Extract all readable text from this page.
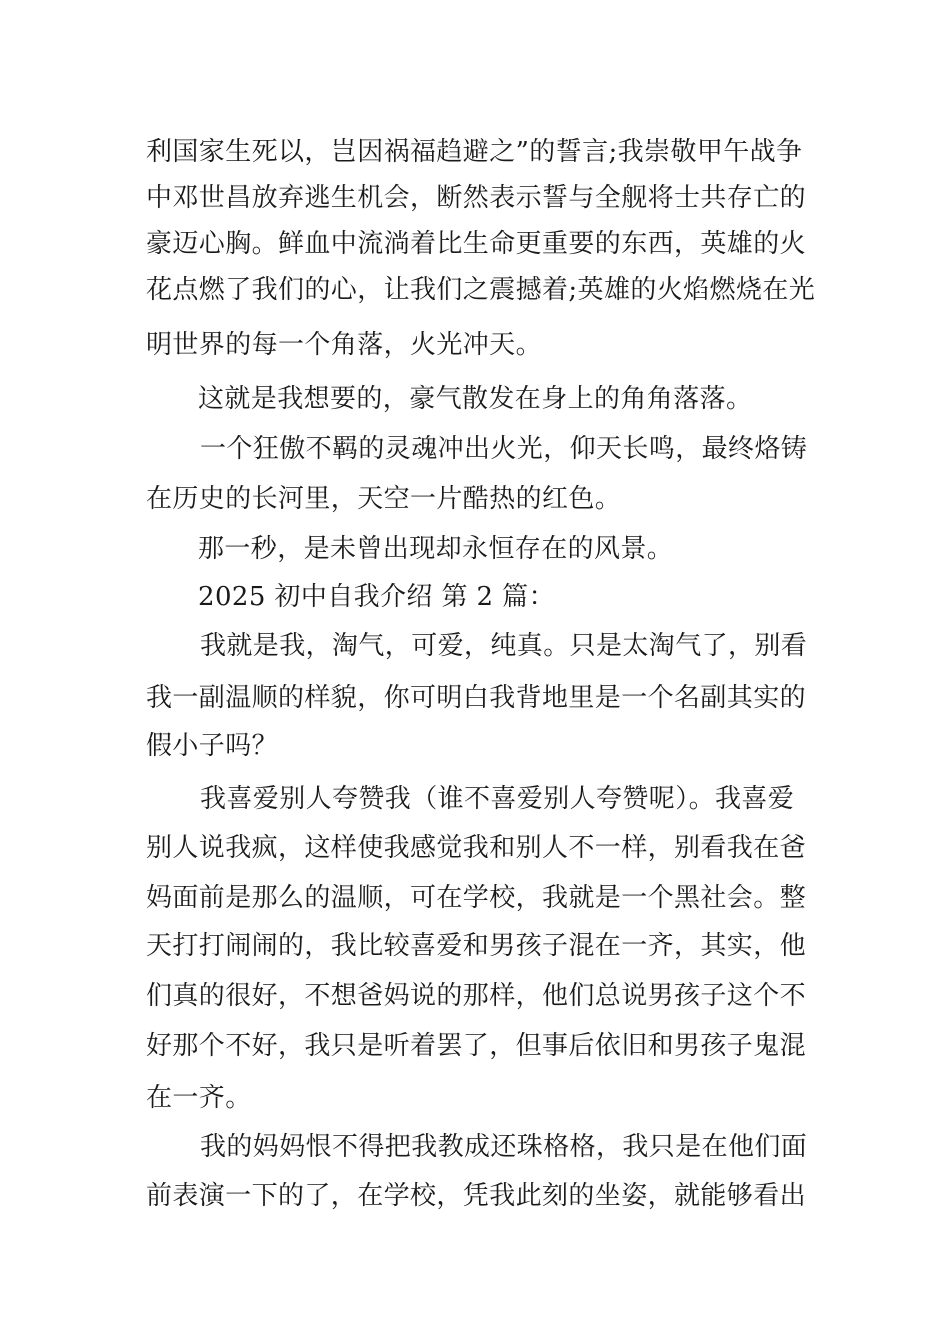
利国家生死以，岂因祸福趋避之”的誓言;我崇敬甲午战争
中邓世昌放弃逃生机会，断然表示誓与全舰将士共存亡的
豪迈心胸。鲜血中流淌着比生命更重要的东西，英雄的火
花点燃了我们的心，让我们之震撼着;英雄的火焰燃烧在光
明世界的每一个角落，火光冲天。
这就是我想要的，豪气散发在身上的角角落落。
一个狂傲不羁的灵魂冲出火光，仰天长鸣，最终烙铸
在历史的长河里，天空一片酷热的红色。
那一秒，是未曾出现却永恒存在的风景。
2025 初中自我介绍 第 2 篇：
我就是我，淘气，可爱，纯真。只是太淘气了，别看
我一副温顺的样貌，你可明白我背地里是一个名副其实的
假小子吗？
我喜爱别人夸赞我（谁不喜爱别人夸赞呢）。我喜爱
别人说我疯，这样使我感觉我和别人不一样，别看我在爸
妈面前是那么的温顺，可在学校，我就是一个黑社会。整
天打打闹闹的，我比较喜爱和男孩子混在一齐，其实，他
们真的很好，不想爸妈说的那样，他们总说男孩子这个不
好那个不好，我只是听着罢了，但事后依旧和男孩子鬼混
在一齐。
我的妈妈恨不得把我教成还珠格格，我只是在他们面
前表演一下的了，在学校，凭我此刻的坐姿，就能够看出
